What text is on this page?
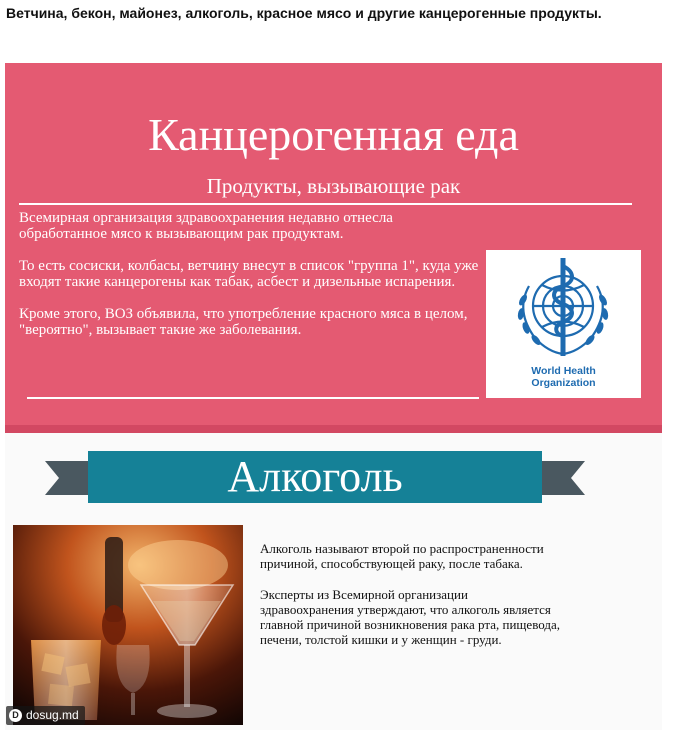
Ветчина, бекон, майонез, алкоголь, красное мясо и другие канцерогенные продукты.
Канцерогенная еда
Продукты, вызывающие рак

Всемирная организация здравоохранения недавно отнесла обработанное мясо к вызывающим рак продуктам.

То есть сосиски, колбасы, ветчину внесут в список "группа 1", куда уже входят такие канцерогены как табак, асбест и дизельные испарения.

Кроме этого, ВОЗ объявила, что употребление красного мяса в целом, "вероятно", вызывает такие же заболевания.

World Health
Organization
Алкоголь

Алкоголь называют второй по распространенности причиной, способствующей раку, после табака.

Эксперты из Всемирной организации здравоохранения утверждают, что алкоголь является главной причиной возникновения рака рта, пищевода, печени, толстой кишки и у женщин - груди.

D dosug.md
